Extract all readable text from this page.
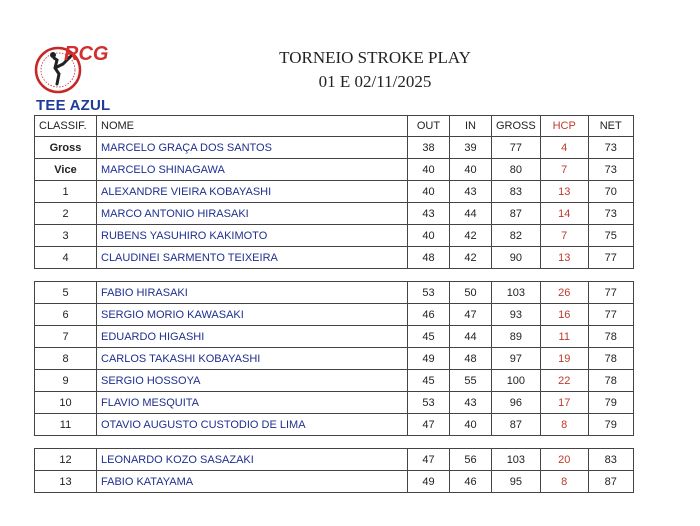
RCG	TORNEIO STROKE PLAY
01 E 02/11/2025
TEE AZUL
CLASSIF.	NOME	OUT	IN	GROSS	HCP	NET
Gross	MARCELO GRAÇA DOS SANTOS	38	39	77	4	73
Vice	MARCELO SHINAGAWA	40	40	80	7	73
1	ALEXANDRE VIEIRA KOBAYASHI	40	43	83	13	70
2	MARCO ANTONIO HIRASAKI	43	44	87	14	73
3	RUBENS YASUHIRO KAKIMOTO	40	42	82	7	75
4	CLAUDINEI SARMENTO TEIXEIRA	48	42	90	13	77

5	FABIO HIRASAKI	53	50	103	26	77
6	SERGIO MORIO KAWASAKI	46	47	93	16	77
7	EDUARDO HIGASHI	45	44	89	11	78
8	CARLOS TAKASHI KOBAYASHI	49	48	97	19	78
9	SERGIO HOSSOYA	45	55	100	22	78
10	FLAVIO MESQUITA	53	43	96	17	79
11	OTAVIO AUGUSTO CUSTODIO DE LIMA	47	40	87	8	79

12	LEONARDO KOZO SASAZAKI	47	56	103	20	83
13	FABIO KATAYAMA	49	46	95	8	87
